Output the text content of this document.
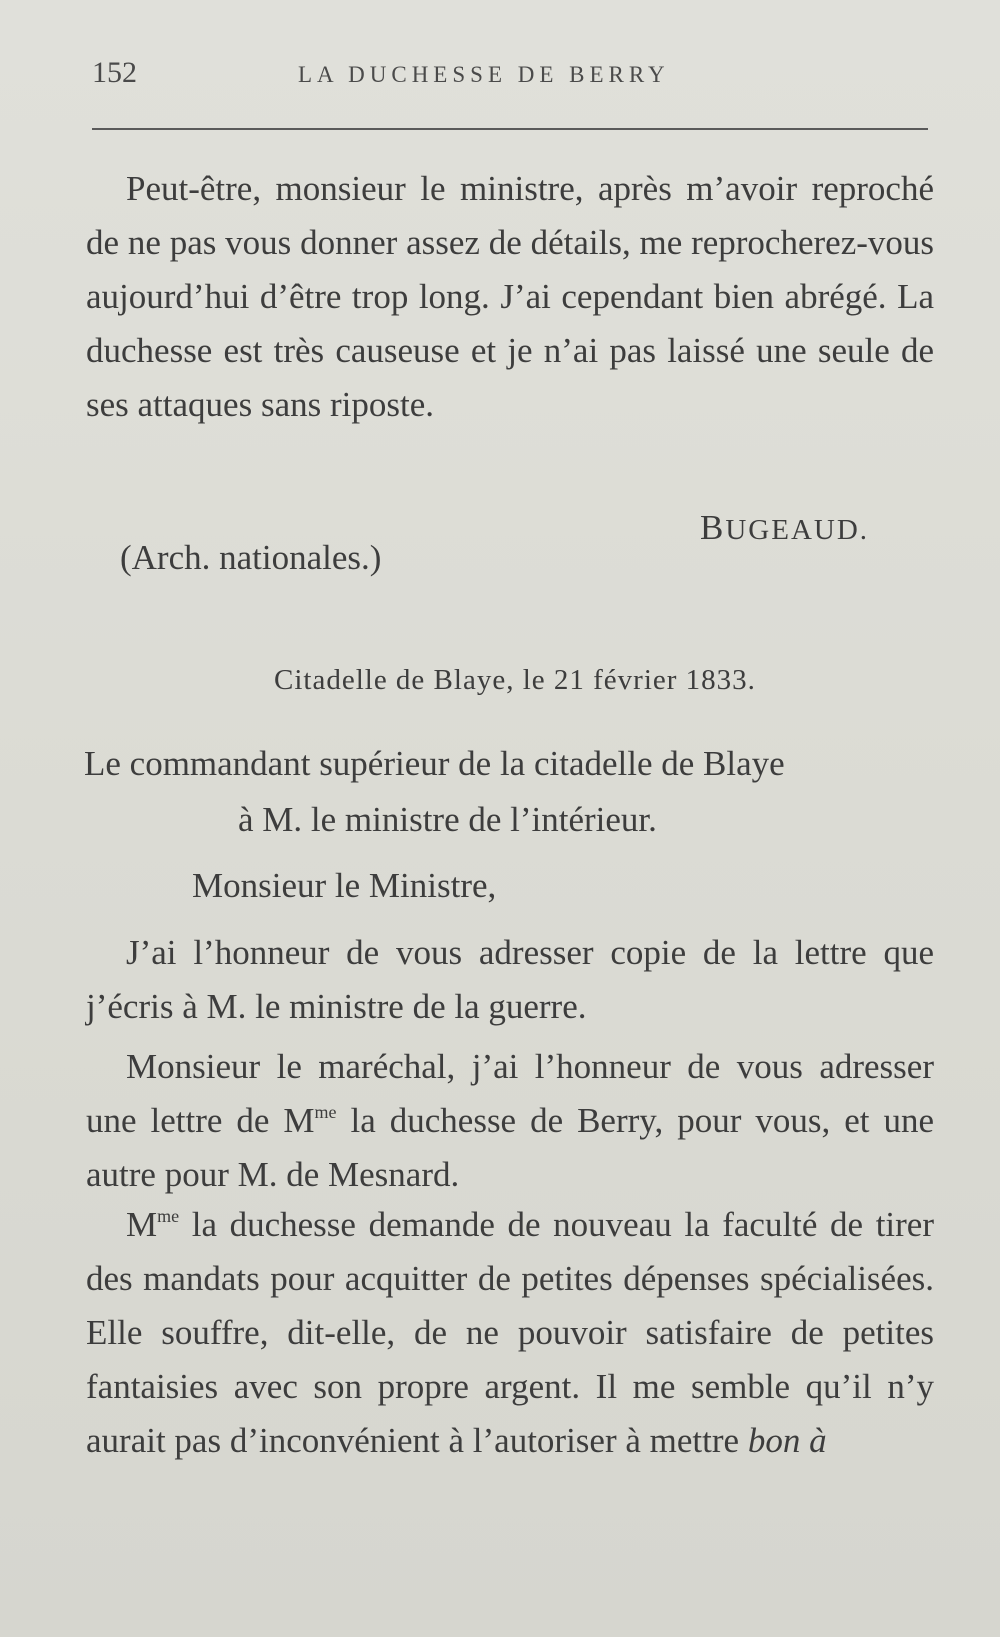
152	LA DUCHESSE DE BERRY
Peut-être, monsieur le ministre, après m’avoir reproché de ne pas vous donner assez de détails, me reprocherez-vous aujourd’hui d’être trop long. J’ai cependant bien abrégé. La duchesse est très causeuse et je n’ai pas laissé une seule de ses attaques sans riposte.
BUGEAUD.
(Arch. nationales.)
Citadelle de Blaye, le 21 février 1833.
Le commandant supérieur de la citadelle de Blaye
à M. le ministre de l’intérieur.
Monsieur le Ministre,
J’ai l’honneur de vous adresser copie de la lettre que j’écris à M. le ministre de la guerre.
Monsieur le maréchal, j’ai l’honneur de vous adresser une lettre de $M^{me}$ la duchesse de Berry, pour vous, et une autre pour M. de Mesnard.
$M^{me}$ la duchesse demande de nouveau la faculté de tirer des mandats pour acquitter de petites dépenses spécialisées. Elle souffre, dit-elle, de ne pouvoir satisfaire de petites fantaisies avec son propre argent. Il me semble qu’il n’y aurait pas d’inconvénient à l’autoriser à mettre bon à
